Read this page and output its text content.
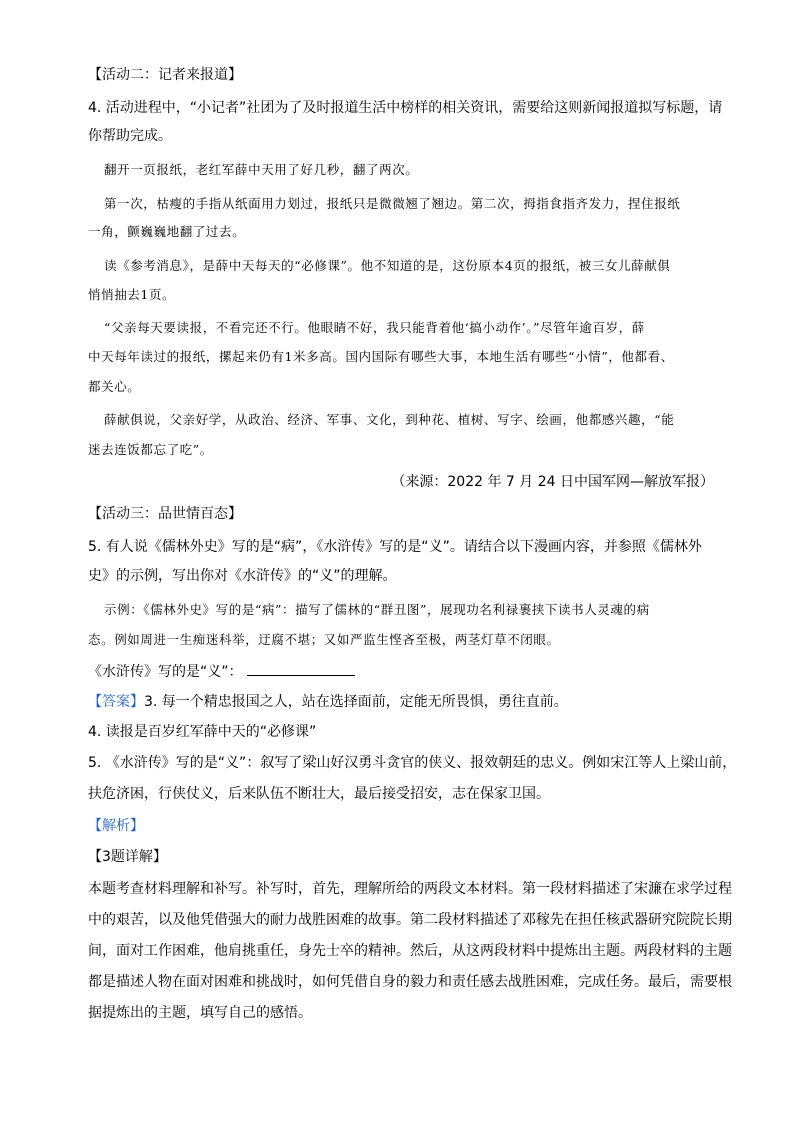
【活动二：记者来报道】
4. 活动进程中，“小记者”社团为了及时报道生活中榜样的相关资讯，需要给这则新闻报道拟写标题，请
你帮助完成。
翻开一页报纸，老红军薛中天用了好几秒，翻了两次。
第一次，枯瘦的手指从纸面用力划过，报纸只是微微翘了翘边。第二次，拇指食指齐发力，捏住报纸
一角，颤巍巍地翻了过去。
读《参考消息》，是薛中天每天的“必修课”。他不知道的是，这份原本4页的报纸，被三女儿薛献俱
悄悄抽去1页。
“父亲每天要读报，不看完还不行。他眼睛不好，我只能背着他‘搞小动作’。”尽管年逾百岁，薛
中天每年读过的报纸，摞起来仍有1米多高。国内国际有哪些大事，本地生活有哪些“小情”，他都看、
都关心。
薛献俱说，父亲好学，从政治、经济、军事、文化，到种花、植树、写字、绘画，他都感兴趣，“能
迷去连饭都忘了吃”。
（来源：2022 年 7 月 24 日中国军网—解放军报）
【活动三：品世情百态】
5. 有人说《儒林外史》写的是“病”，《水浒传》写的是“义”。请结合以下漫画内容，并参照《儒林外
史》的示例，写出你对《水浒传》的“义”的理解。
示例：《儒林外史》写的是“病”：描写了儒林的“群丑图”，展现功名利禄裹挟下读书人灵魂的病
态。例如周进一生痴迷科举，迂腐不堪；又如严监生悭吝至极，两茎灯草不闭眼。
《水浒传》写的是“义”：
【答案】3. 每一个精忠报国之人，站在选择面前，定能无所畏惧，勇往直前。
4. 读报是百岁红军薛中天的“必修课”
5. 《水浒传》写的是“义”：叙写了梁山好汉勇斗贪官的侠义、报效朝廷的忠义。例如宋江等人上梁山前，
扶危济困，行侠仗义，后来队伍不断壮大，最后接受招安，志在保家卫国。
【解析】
【3题详解】
本题考查材料理解和补写。补写时，首先，理解所给的两段文本材料。第一段材料描述了宋濂在求学过程
中的艰苦，以及他凭借强大的耐力战胜困难的故事。第二段材料描述了邓稼先在担任核武器研究院院长期
间，面对工作困难，他肩挑重任，身先士卒的精神。然后，从这两段材料中提炼出主题。两段材料的主题
都是描述人物在面对困难和挑战时，如何凭借自身的毅力和责任感去战胜困难，完成任务。最后，需要根
据提炼出的主题，填写自己的感悟。
